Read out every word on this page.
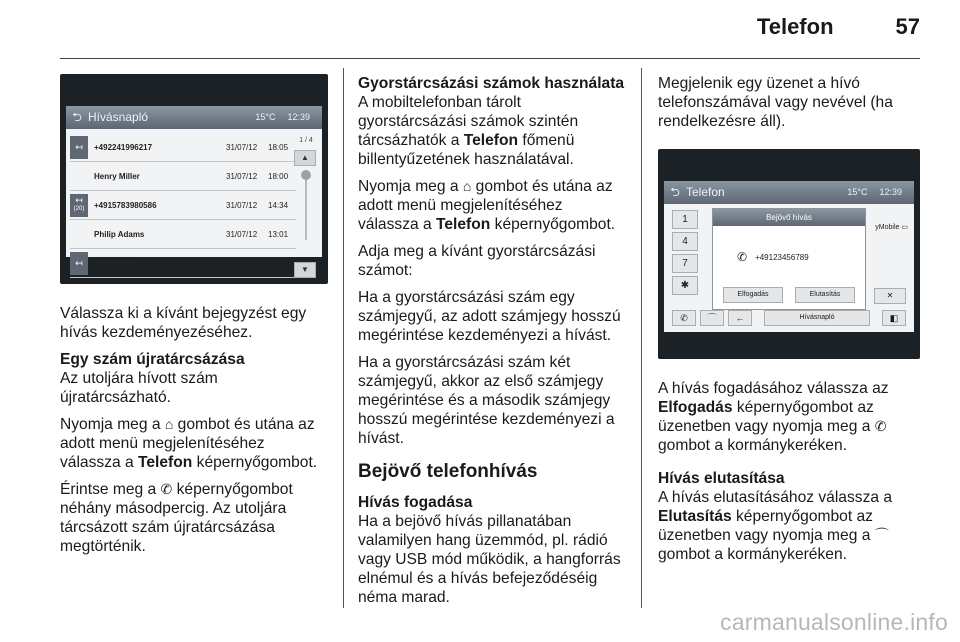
Telefon	57
⮌ Hívásnapló	15°C 12:39
↤ +492241996217	31/07/12	18:05
Henry Miller	31/07/12	18:00
↤
(20) +4915783980586	31/07/12	14:34
Philip Adams	31/07/12	13:01
↤ John Smith	31/07/12	13:00
1 / 4
▲
▼

Válassza ki a kívánt bejegyzést egy hívás kezdeményezéséhez.

Egy szám újratárcsázása

Az utoljára hívott szám újratárcsázható.

Nyomja meg a ⌂ gombot és utána az adott menü megjelenítéséhez válassza a Telefon képernyőgombot.

Érintse meg a ✆ képernyőgombot néhány másodpercig. Az utoljára tárcsázott szám újratárcsázása megtörténik.

Gyorstárcsázási számok használata

A mobiltelefonban tárolt gyorstárcsázási számok szintén tárcsázhatók a Telefon főmenü billentyűzetének használatával.

Nyomja meg a ⌂ gombot és utána az adott menü megjelenítéséhez válassza a Telefon képernyőgombot.

Adja meg a kívánt gyorstárcsázási számot:

Ha a gyorstárcsázási szám egy számjegyű, az adott számjegy hosszú megérintése kezdeményezi a hívást.

Ha a gyorstárcsázási szám két számjegyű, akkor az első számjegy megérintése és a második számjegy hosszú megérintése kezdeményezi a hívást.

Bejövő telefonhívás
Hívás fogadása

Ha a bejövő hívás pillanatában valamilyen hang üzemmód, pl. rádió vagy USB mód működik, a hangforrás elnémul és a hívás befejeződéséig néma marad.

Megjelenik egy üzenet a hívó telefonszámával vagy nevével (ha rendelkezésre áll).

⮌ Telefon	15°C 12:39
1
4
7
✱
Bejövő hívás
✆ +49123456789
Elfogadás	Elutasítás
yMobile ▭
✕
✆	⌒	←	Hívásnapló	◧

A hívás fogadásához válassza az Elfogadás képernyőgombot az üzenetben vagy nyomja meg a ✆ gombot a kormánykeréken.

Hívás elutasítása

A hívás elutasításához válassza a Elutasítás képernyőgombot az üzenetben vagy nyomja meg a ⌒ gombot a kormánykeréken.

carmanualsonline.info
